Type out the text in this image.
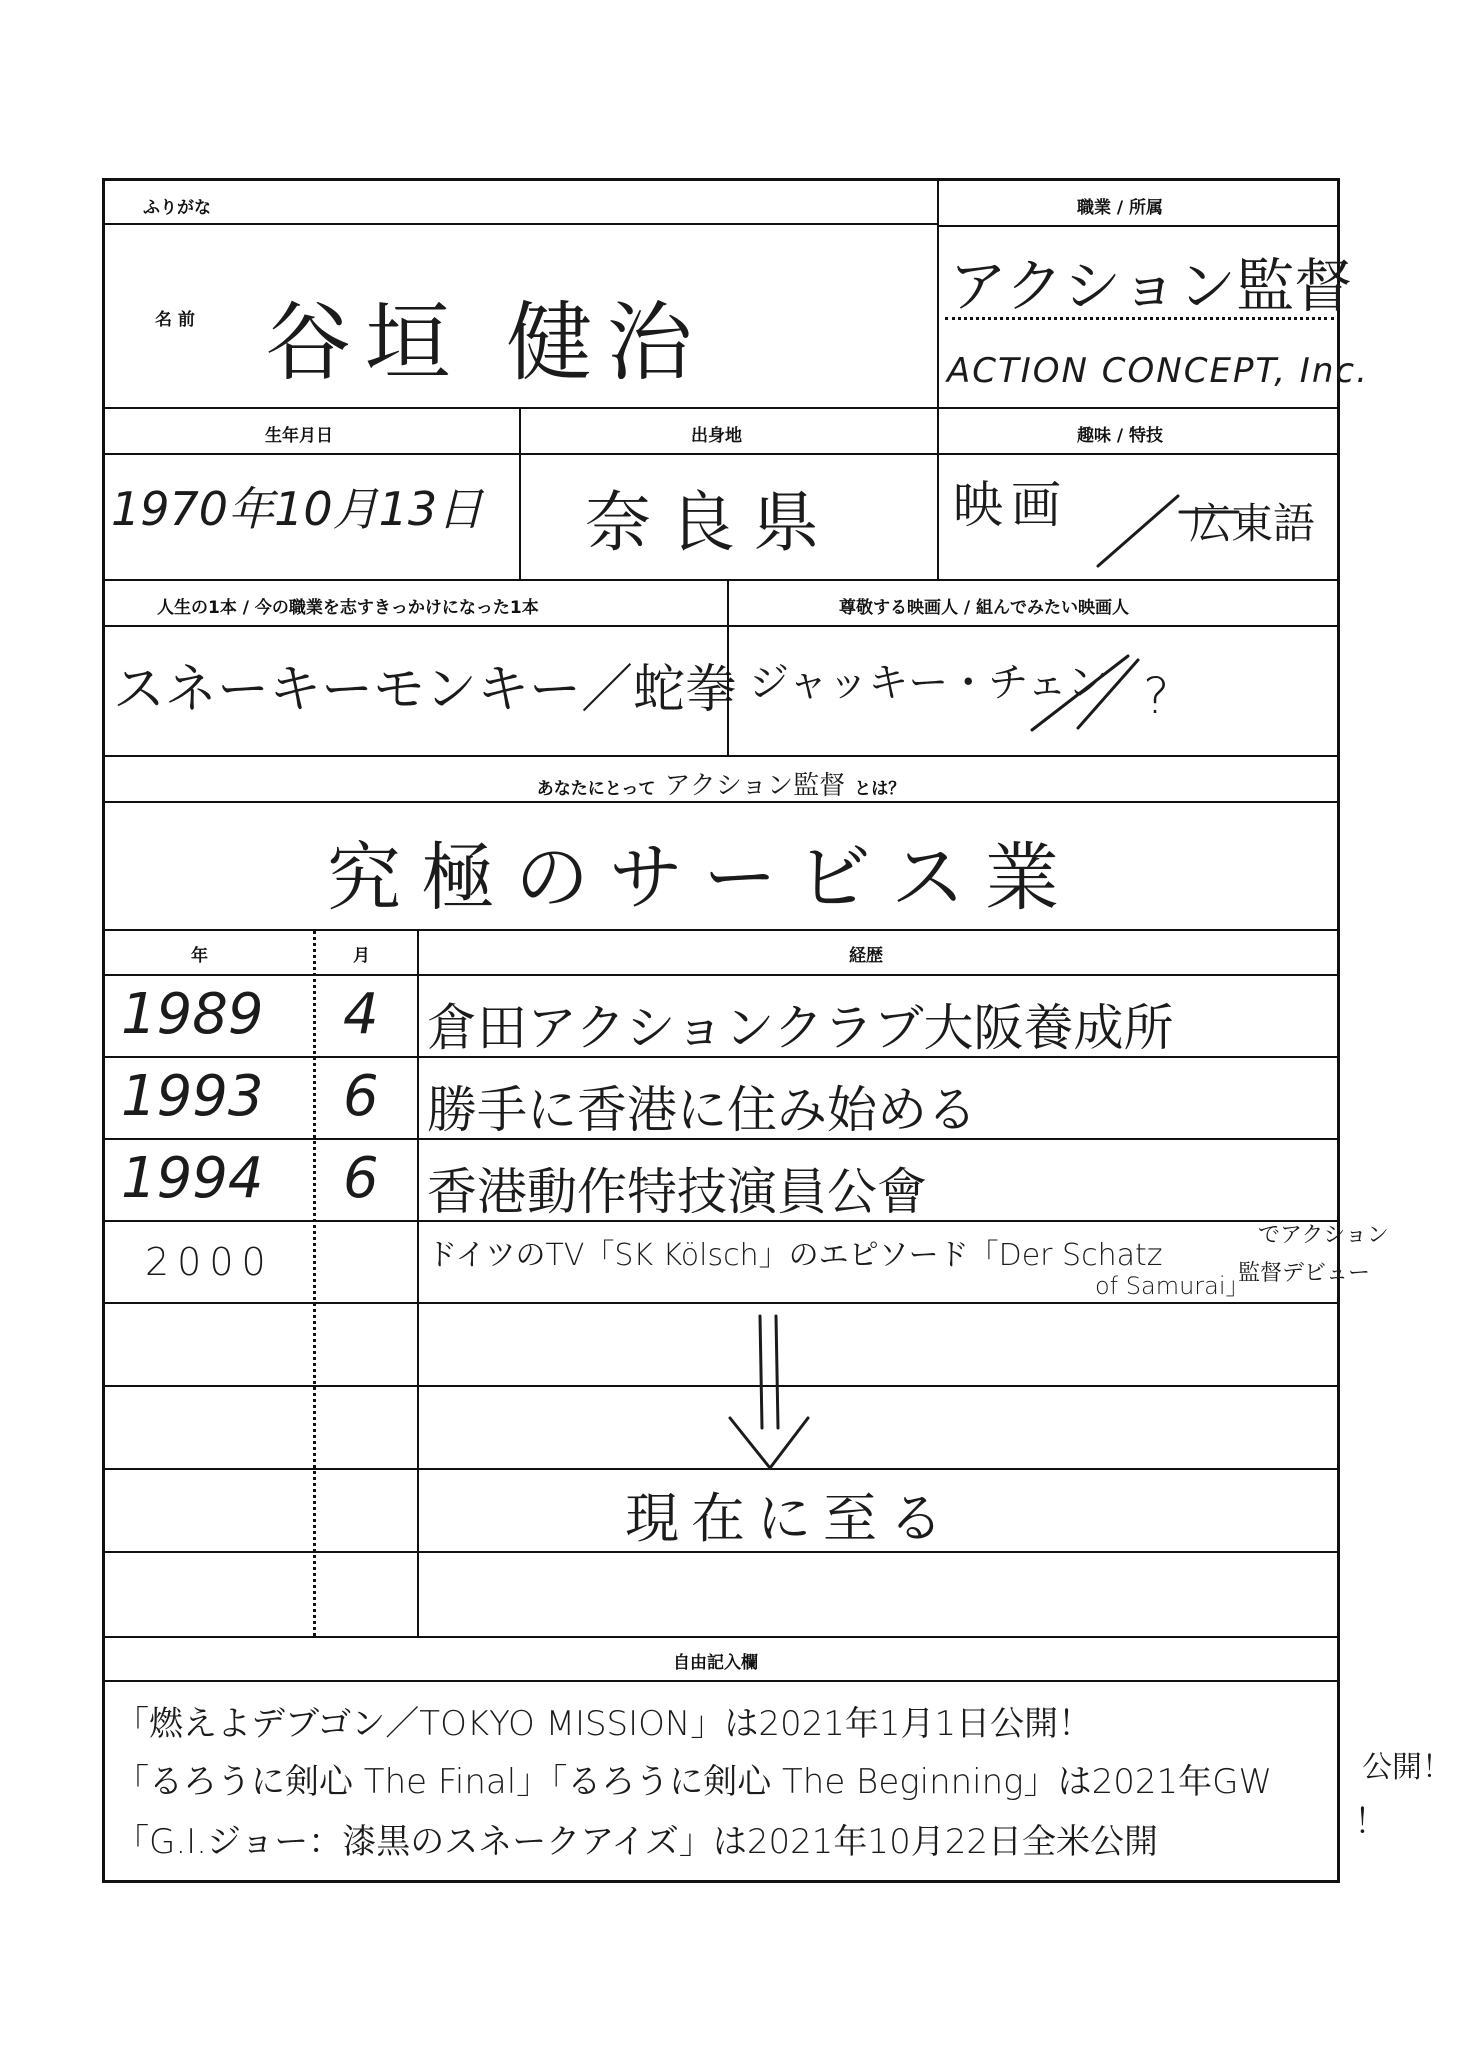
ふりがな
名 前 谷垣 健治
職業 / 所属
アクション監督
ACTION CONCEPT, Inc.
生年月日
1970年10月13日
出身地
奈良県
趣味 / 特技
映画	広東語
人生の1本 / 今の職業を志すきっかけになった1本
スネーキーモンキー／蛇拳
尊敬する映画人 / 組んでみたい映画人
ジャッキー・チェン ?
あなたにとって アクション監督 とは？
究極のサービス業
年	月	経歴
1989 4 倉田アクションクラブ大阪養成所
1993 6 勝手に香港に住み始める
1994 6 香港動作特技演員公會
2000	ドイツのTV「SK Kölsch」のエピソード「Der Schatz
of Samurai」
現在に至る
自由記入欄
「燃えよデブゴン／TOKYO MISSION」は2021年1月1日公開！
「るろうに剣心 The Final」「るろうに剣心 The Beginning」は2021年GW
「G.I.ジョー：漆黒のスネークアイズ」は2021年10月22日全米公開
でアクション
監督デビュー
公開！
！
